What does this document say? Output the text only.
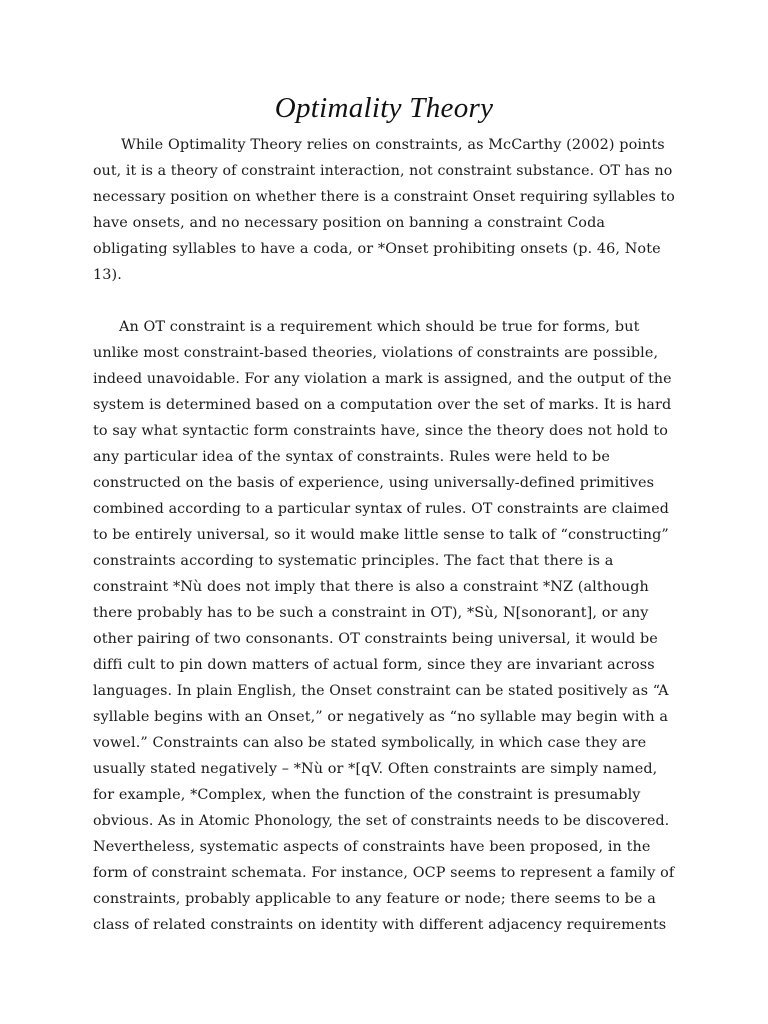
Optimality Theory

While Optimality Theory relies on constraints, as McCarthy (2002) points

out, it is a theory of constraint interaction, not constraint substance. OT has no

necessary position on whether there is a constraint Onset requiring syllables to

have onsets, and no necessary position on banning a constraint Coda

obligating syllables to have a coda, or *Onset prohibiting onsets (p. 46, Note

13).

An OT constraint is a requirement which should be true for forms, but

unlike most constraint-based theories, violations of constraints are possible,

indeed unavoidable. For any violation a mark is assigned, and the output of the

system is determined based on a computation over the set of marks. It is hard

to say what syntactic form constraints have, since the theory does not hold to

any particular idea of the syntax of constraints. Rules were held to be

constructed on the basis of experience, using universally-defined primitives

combined according to a particular syntax of rules. OT constraints are claimed

to be entirely universal, so it would make little sense to talk of “constructing”

constraints according to systematic principles. The fact that there is a

constraint *Nù does not imply that there is also a constraint *NZ (although

there probably has to be such a constraint in OT), *Sù, N[sonorant], or any

other pairing of two consonants. OT constraints being universal, it would be

diffi cult to pin down matters of actual form, since they are invariant across

languages. In plain English, the Onset constraint can be stated positively as “A

syllable begins with an Onset,” or negatively as “no syllable may begin with a

vowel.” Constraints can also be stated symbolically, in which case they are

usually stated negatively – *Nù or *[qV. Often constraints are simply named,

for example, *Complex, when the function of the constraint is presumably

obvious. As in Atomic Phonology, the set of constraints needs to be discovered.

Nevertheless, systematic aspects of constraints have been proposed, in the

form of constraint schemata. For instance, OCP seems to represent a family of

constraints, probably applicable to any feature or node; there seems to be a

class of related constraints on identity with different adjacency requirements
